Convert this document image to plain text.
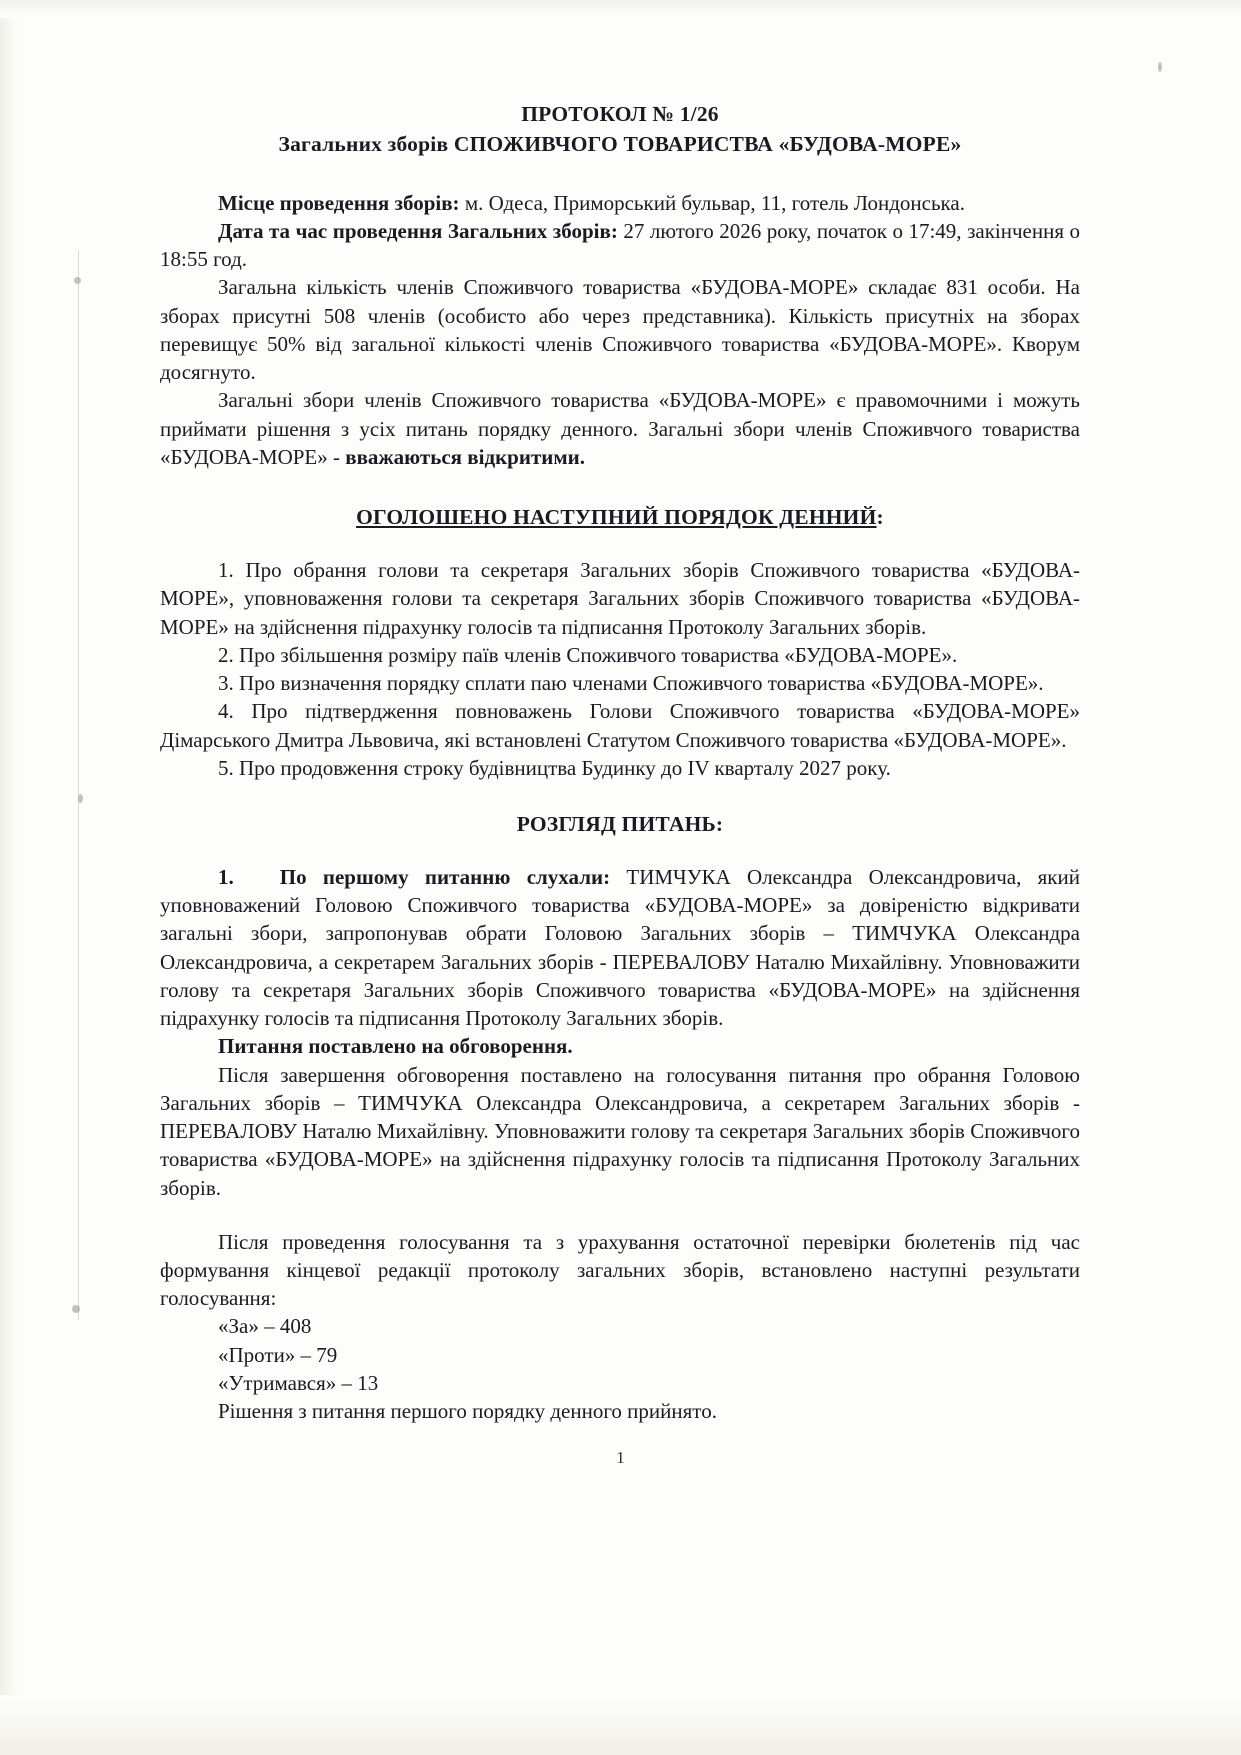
ПРОТОКОЛ № 1/26
Загальних зборів СПОЖИВЧОГО ТОВАРИСТВА «БУДОВА-МОРЕ»

Місце проведення зборів: м. Одеса, Приморський бульвар, 11, готель Лондонська.

Дата та час проведення Загальних зборів: 27 лютого 2026 року, початок о 17:49, закінчення о 18:55 год.

Загальна кількість членів Споживчого товариства «БУДОВА-МОРЕ» складає 831 особи. На зборах присутні 508 членів (особисто або через представника). Кількість присутніх на зборах перевищує 50% від загальної кількості членів Споживчого товариства «БУДОВА-МОРЕ». Кворум досягнуто.

Загальні збори членів Споживчого товариства «БУДОВА-МОРЕ» є правомочними і можуть приймати рішення з усіх питань порядку денного. Загальні збори членів Споживчого товариства «БУДОВА-МОРЕ» - вважаються відкритими.

ОГОЛОШЕНО НАСТУПНИЙ ПОРЯДОК ДЕННИЙ:

1. Про обрання голови та секретаря Загальних зборів Споживчого товариства «БУДОВА-МОРЕ», уповноваження голови та секретаря Загальних зборів Споживчого товариства «БУДОВА-МОРЕ» на здійснення підрахунку голосів та підписання Протоколу Загальних зборів.

2. Про збільшення розміру паїв членів Споживчого товариства «БУДОВА-МОРЕ».

3. Про визначення порядку сплати паю членами Споживчого товариства «БУДОВА-МОРЕ».

4. Про підтвердження повноважень Голови Споживчого товариства «БУДОВА-МОРЕ» Дімарського Дмитра Львовича, які встановлені Статутом Споживчого товариства «БУДОВА-МОРЕ».

5. Про продовження строку будівництва Будинку до IV кварталу 2027 року.

РОЗГЛЯД ПИТАНЬ:

1. По першому питанню слухали: ТИМЧУКА Олександра Олександровича, який уповноважений Головою Споживчого товариства «БУДОВА-МОРЕ» за довіреністю відкривати загальні збори, запропонував обрати Головою Загальних зборів – ТИМЧУКА Олександра Олександровича, а секретарем Загальних зборів - ПЕРЕВАЛОВУ Наталю Михайлівну. Уповноважити голову та секретаря Загальних зборів Споживчого товариства «БУДОВА-МОРЕ» на здійснення підрахунку голосів та підписання Протоколу Загальних зборів.

Питання поставлено на обговорення.

Після завершення обговорення поставлено на голосування питання про обрання Головою Загальних зборів – ТИМЧУКА Олександра Олександровича, а секретарем Загальних зборів - ПЕРЕВАЛОВУ Наталю Михайлівну. Уповноважити голову та секретаря Загальних зборів Споживчого товариства «БУДОВА-МОРЕ» на здійснення підрахунку голосів та підписання Протоколу Загальних зборів.

Після проведення голосування та з урахування остаточної перевірки бюлетенів під час формування кінцевої редакції протоколу загальних зборів, встановлено наступні результати голосування:

«За» – 408
«Проти» – 79
«Утримався» – 13
Рішення з питання першого порядку денного прийнято.
1
